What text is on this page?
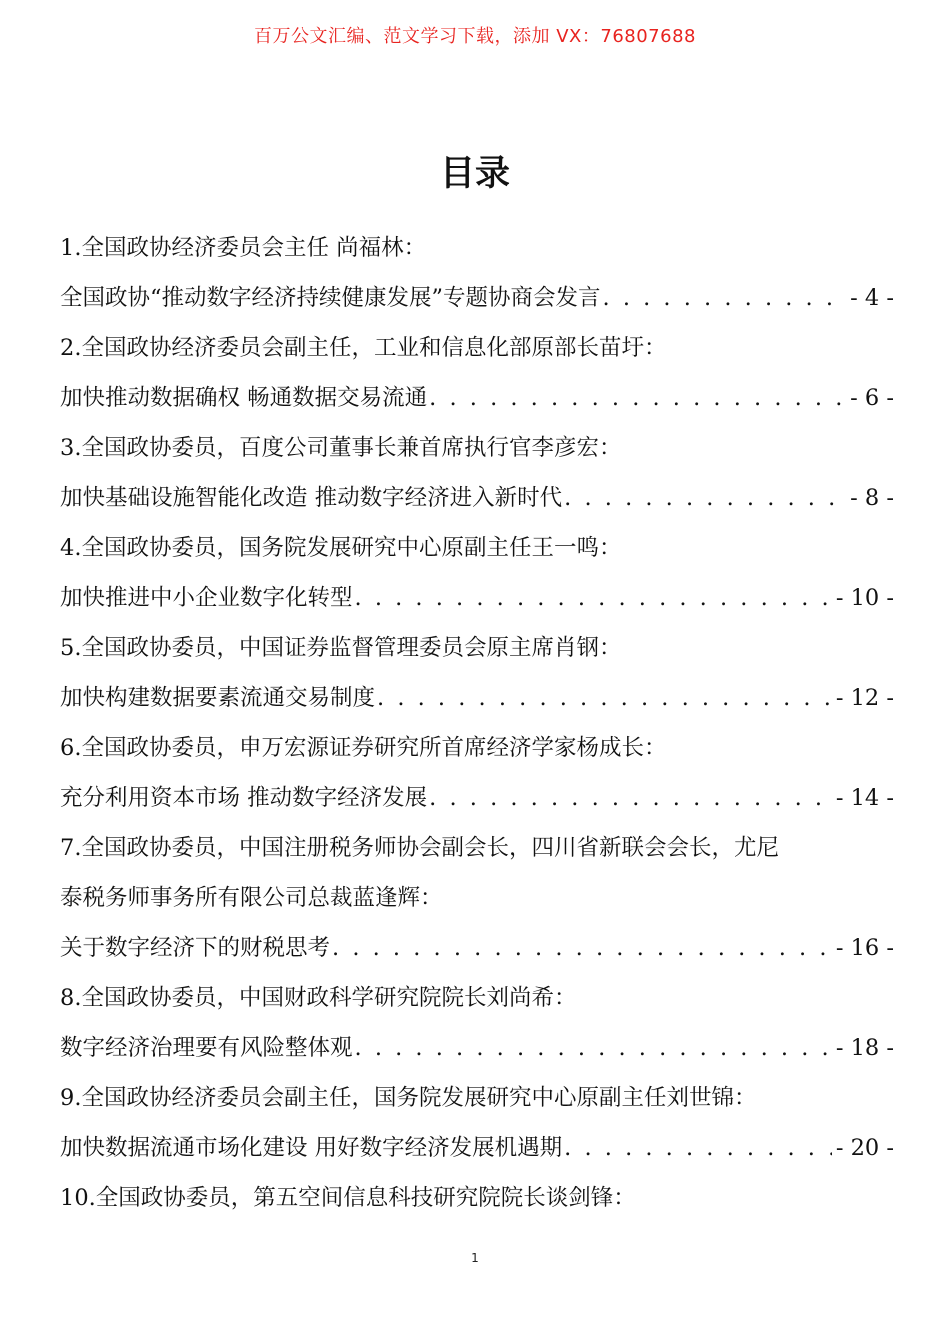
百万公文汇编、范文学习下载，添加 VX：76807688
目录
1.全国政协经济委员会主任 尚福林：
全国政协“推动数字经济持续健康发展”专题协商会发言 . . .	- 4 -
2.全国政协经济委员会副主任，工业和信息化部原部长苗圩：
加快推动数据确权 畅通数据交易流通 . . .	- 6 -
3.全国政协委员，百度公司董事长兼首席执行官李彦宏：
加快基础设施智能化改造 推动数字经济进入新时代 . . .	- 8 -
4.全国政协委员，国务院发展研究中心原副主任王一鸣：
加快推进中小企业数字化转型 . . .	- 10 -
5.全国政协委员，中国证券监督管理委员会原主席肖钢：
加快构建数据要素流通交易制度 . . .	- 12 -
6.全国政协委员，申万宏源证券研究所首席经济学家杨成长：
充分利用资本市场 推动数字经济发展 . . .	- 14 -
7.全国政协委员，中国注册税务师协会副会长，四川省新联会会长，尤尼
泰税务师事务所有限公司总裁蓝逢辉：
关于数字经济下的财税思考 . . .	- 16 -
8.全国政协委员，中国财政科学研究院院长刘尚希：
数字经济治理要有风险整体观 . . .	- 18 -
9.全国政协经济委员会副主任，国务院发展研究中心原副主任刘世锦：
加快数据流通市场化建设 用好数字经济发展机遇期 . . .	- 20 -
10.全国政协委员，第五空间信息科技研究院院长谈剑锋：
1
